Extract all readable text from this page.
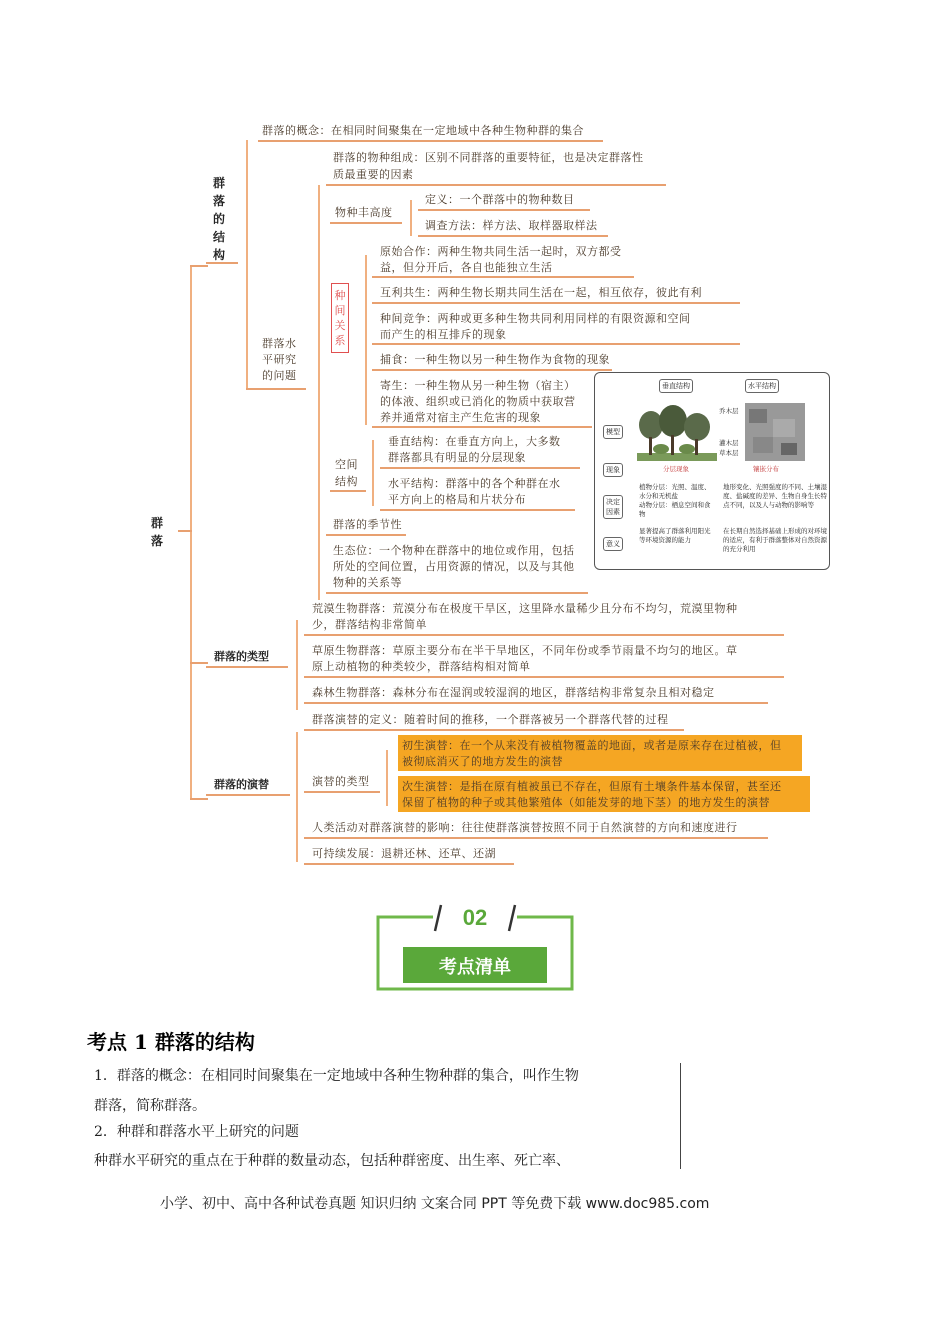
群落
群落的结构
群落的概念：在相同时间聚集在一定地域中各种生物种群的集合
群落水平研究的问题
群落的物种组成：区别不同群落的重要特征，也是决定群落性
质最重要的因素
物种丰高度
定义：一个群落中的物种数目
调查方法：样方法、取样器取样法
种间关系
原始合作：两种生物共同生活一起时，双方都受
益，但分开后，各自也能独立生活
互利共生：两种生物长期共同生活在一起，相互依存，彼此有利
种间竞争：两种或更多种生物共同利用同样的有限资源和空间
而产生的相互排斥的现象
捕食：一种生物以另一种生物作为食物的现象
寄生：一种生物从另一种生物（宿主）
的体液、组织或已消化的物质中获取营
养并通常对宿主产生危害的现象
空间结构
垂直结构：在垂直方向上，大多数
群落都具有明显的分层现象
水平结构：群落中的各个种群在水
平方向上的格局和片状分布
群落的季节性
生态位：一个物种在群落中的地位或作用，包括
所处的空间位置，占用资源的情况，以及与其他
物种的关系等
群落的类型
荒漠生物群落：荒漠分布在极度干旱区，这里降水量稀少且分布不均匀，荒漠里物种
少，群落结构非常简单
草原生物群落：草原主要分布在半干旱地区，不同年份或季节雨量不均匀的地区。草
原上动植物的种类较少，群落结构相对简单
森林生物群落：森林分布在湿润或较湿润的地区，群落结构非常复杂且相对稳定
群落的演替
群落演替的定义：随着时间的推移，一个群落被另一个群落代替的过程
演替的类型
初生演替：在一个从来没有被植物覆盖的地面，或者是原来存在过植被，但
被彻底消灭了的地方发生的演替
次生演替：是指在原有植被虽已不存在，但原有土壤条件基本保留，甚至还
保留了植物的种子或其他繁殖体（如能发芽的地下茎）的地方发生的演替
人类活动对群落演替的影响：往往使群落演替按照不同于自然演替的方向和速度进行
可持续发展：退耕还林、还草、还湖
垂直结构	水平结构
模型
现象
决定因素
意义
乔木层
灌木层
草本层
分层现象	镶嵌分布
植物分层：光照、温度、水分和无机盐
动物分层：栖息空间和食物
地形变化、光照强度的不同、土壤湿度、盐碱度的差异、生物自身生长特点不同，以及人与动物的影响等
显著提高了群落利用阳光等环境资源的能力
在长期自然选择基础上形成的对环境的适应，有利于群落整体对自然资源的充分利用
02
考点清单
考点 1 群落的结构
1．群落的概念：在相同时间聚集在一定地域中各种生物种群的集合，叫作生物
群落，简称群落。
2．种群和群落水平上研究的问题
种群水平研究的重点在于种群的数量动态，包括种群密度、出生率、死亡率、
小学、初中、高中各种试卷真题 知识归纳 文案合同 PPT 等免费下载 www.doc985.com
